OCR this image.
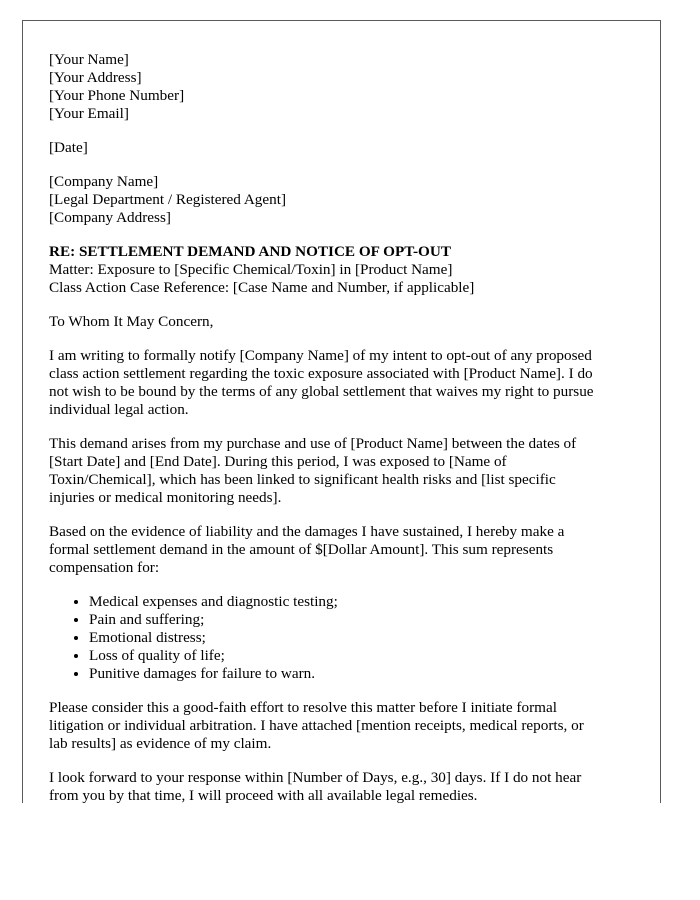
[Your Name]
[Your Address]
[Your Phone Number]
[Your Email]
[Date]
[Company Name]
[Legal Department / Registered Agent]
[Company Address]
RE: SETTLEMENT DEMAND AND NOTICE OF OPT-OUT
Matter: Exposure to [Specific Chemical/Toxin] in [Product Name]
Class Action Case Reference: [Case Name and Number, if applicable]
To Whom It May Concern,
I am writing to formally notify [Company Name] of my intent to opt-out of any proposed
class action settlement regarding the toxic exposure associated with [Product Name]. I do
not wish to be bound by the terms of any global settlement that waives my right to pursue
individual legal action.
This demand arises from my purchase and use of [Product Name] between the dates of
[Start Date] and [End Date]. During this period, I was exposed to [Name of
Toxin/Chemical], which has been linked to significant health risks and [list specific
injuries or medical monitoring needs].
Based on the evidence of liability and the damages I have sustained, I hereby make a
formal settlement demand in the amount of $[Dollar Amount]. This sum represents
compensation for:
• Medical expenses and diagnostic testing;
• Pain and suffering;
• Emotional distress;
• Loss of quality of life;
• Punitive damages for failure to warn.
Please consider this a good-faith effort to resolve this matter before I initiate formal
litigation or individual arbitration. I have attached [mention receipts, medical reports, or
lab results] as evidence of my claim.
I look forward to your response within [Number of Days, e.g., 30] days. If I do not hear
from you by that time, I will proceed with all available legal remedies.
